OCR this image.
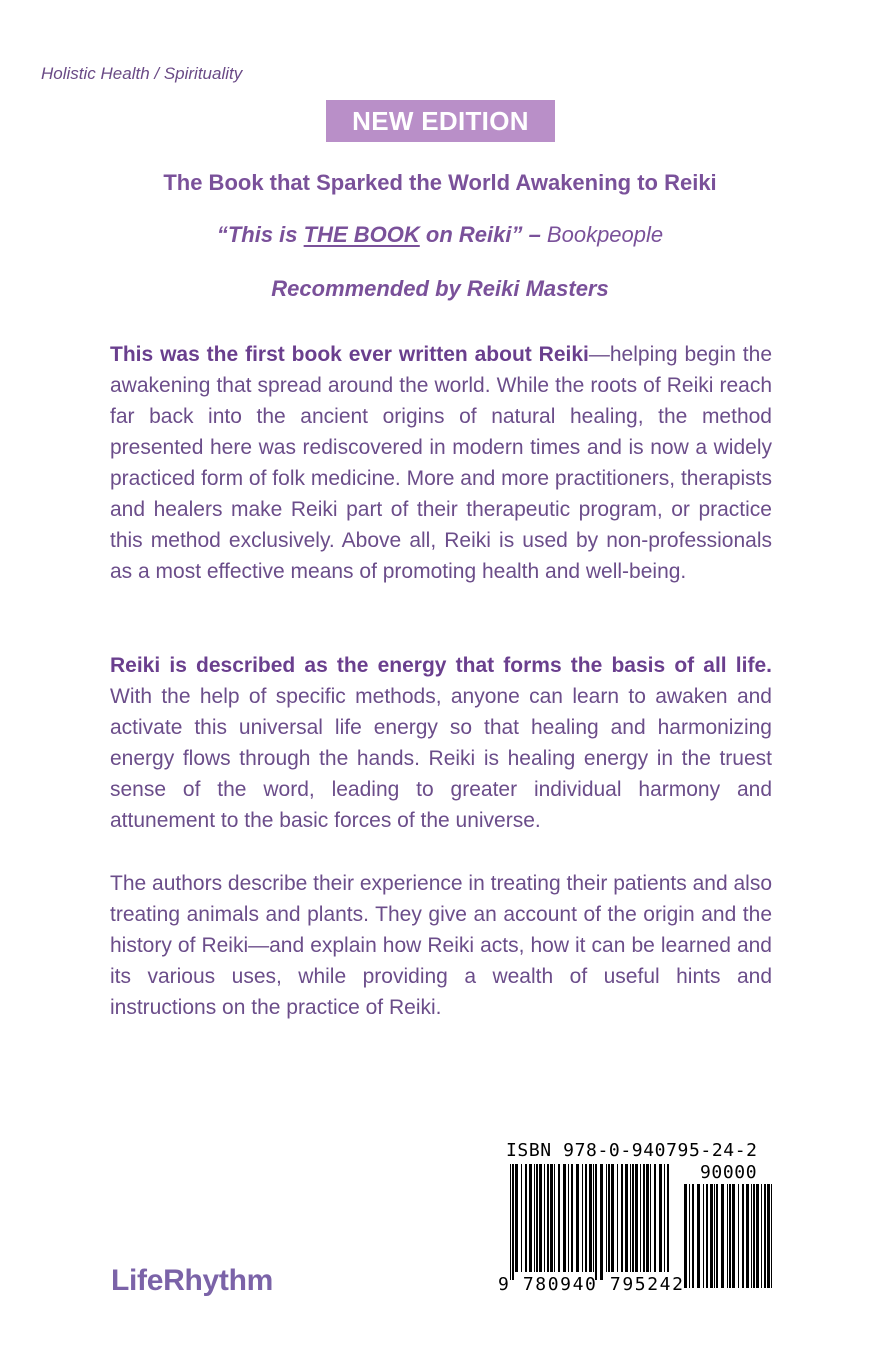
Holistic Health / Spirituality
NEW EDITION
The Book that Sparked the World Awakening to Reiki
“This is THE BOOK on Reiki” – Bookpeople
Recommended by Reiki Masters

This was the first book ever written about Reiki—helping begin the awakening that spread around the world. While the roots of Reiki reach far back into the ancient origins of natural healing, the method presented here was rediscovered in modern times and is now a widely practiced form of folk medicine. More and more practitioners, therapists and healers make Reiki part of their therapeutic program, or practice this method exclusively. Above all, Reiki is used by non-professionals as a most effective means of promoting health and well-being.

Reiki is described as the energy that forms the basis of all life. With the help of specific methods, anyone can learn to awaken and activate this universal life energy so that healing and harmonizing energy flows through the hands. Reiki is healing energy in the truest sense of the word, leading to greater individual harmony and attunement to the basic forces of the universe.

The authors describe their experience in treating their patients and also treating animals and plants. They give an account of the origin and the history of Reiki—and explain how Reiki acts, how it can be learned and its various uses, while providing a wealth of useful hints and instructions on the practice of Reiki.

ISBN 978-0-940795-24-2
90000
9 780940 795242
LifeRhythm
